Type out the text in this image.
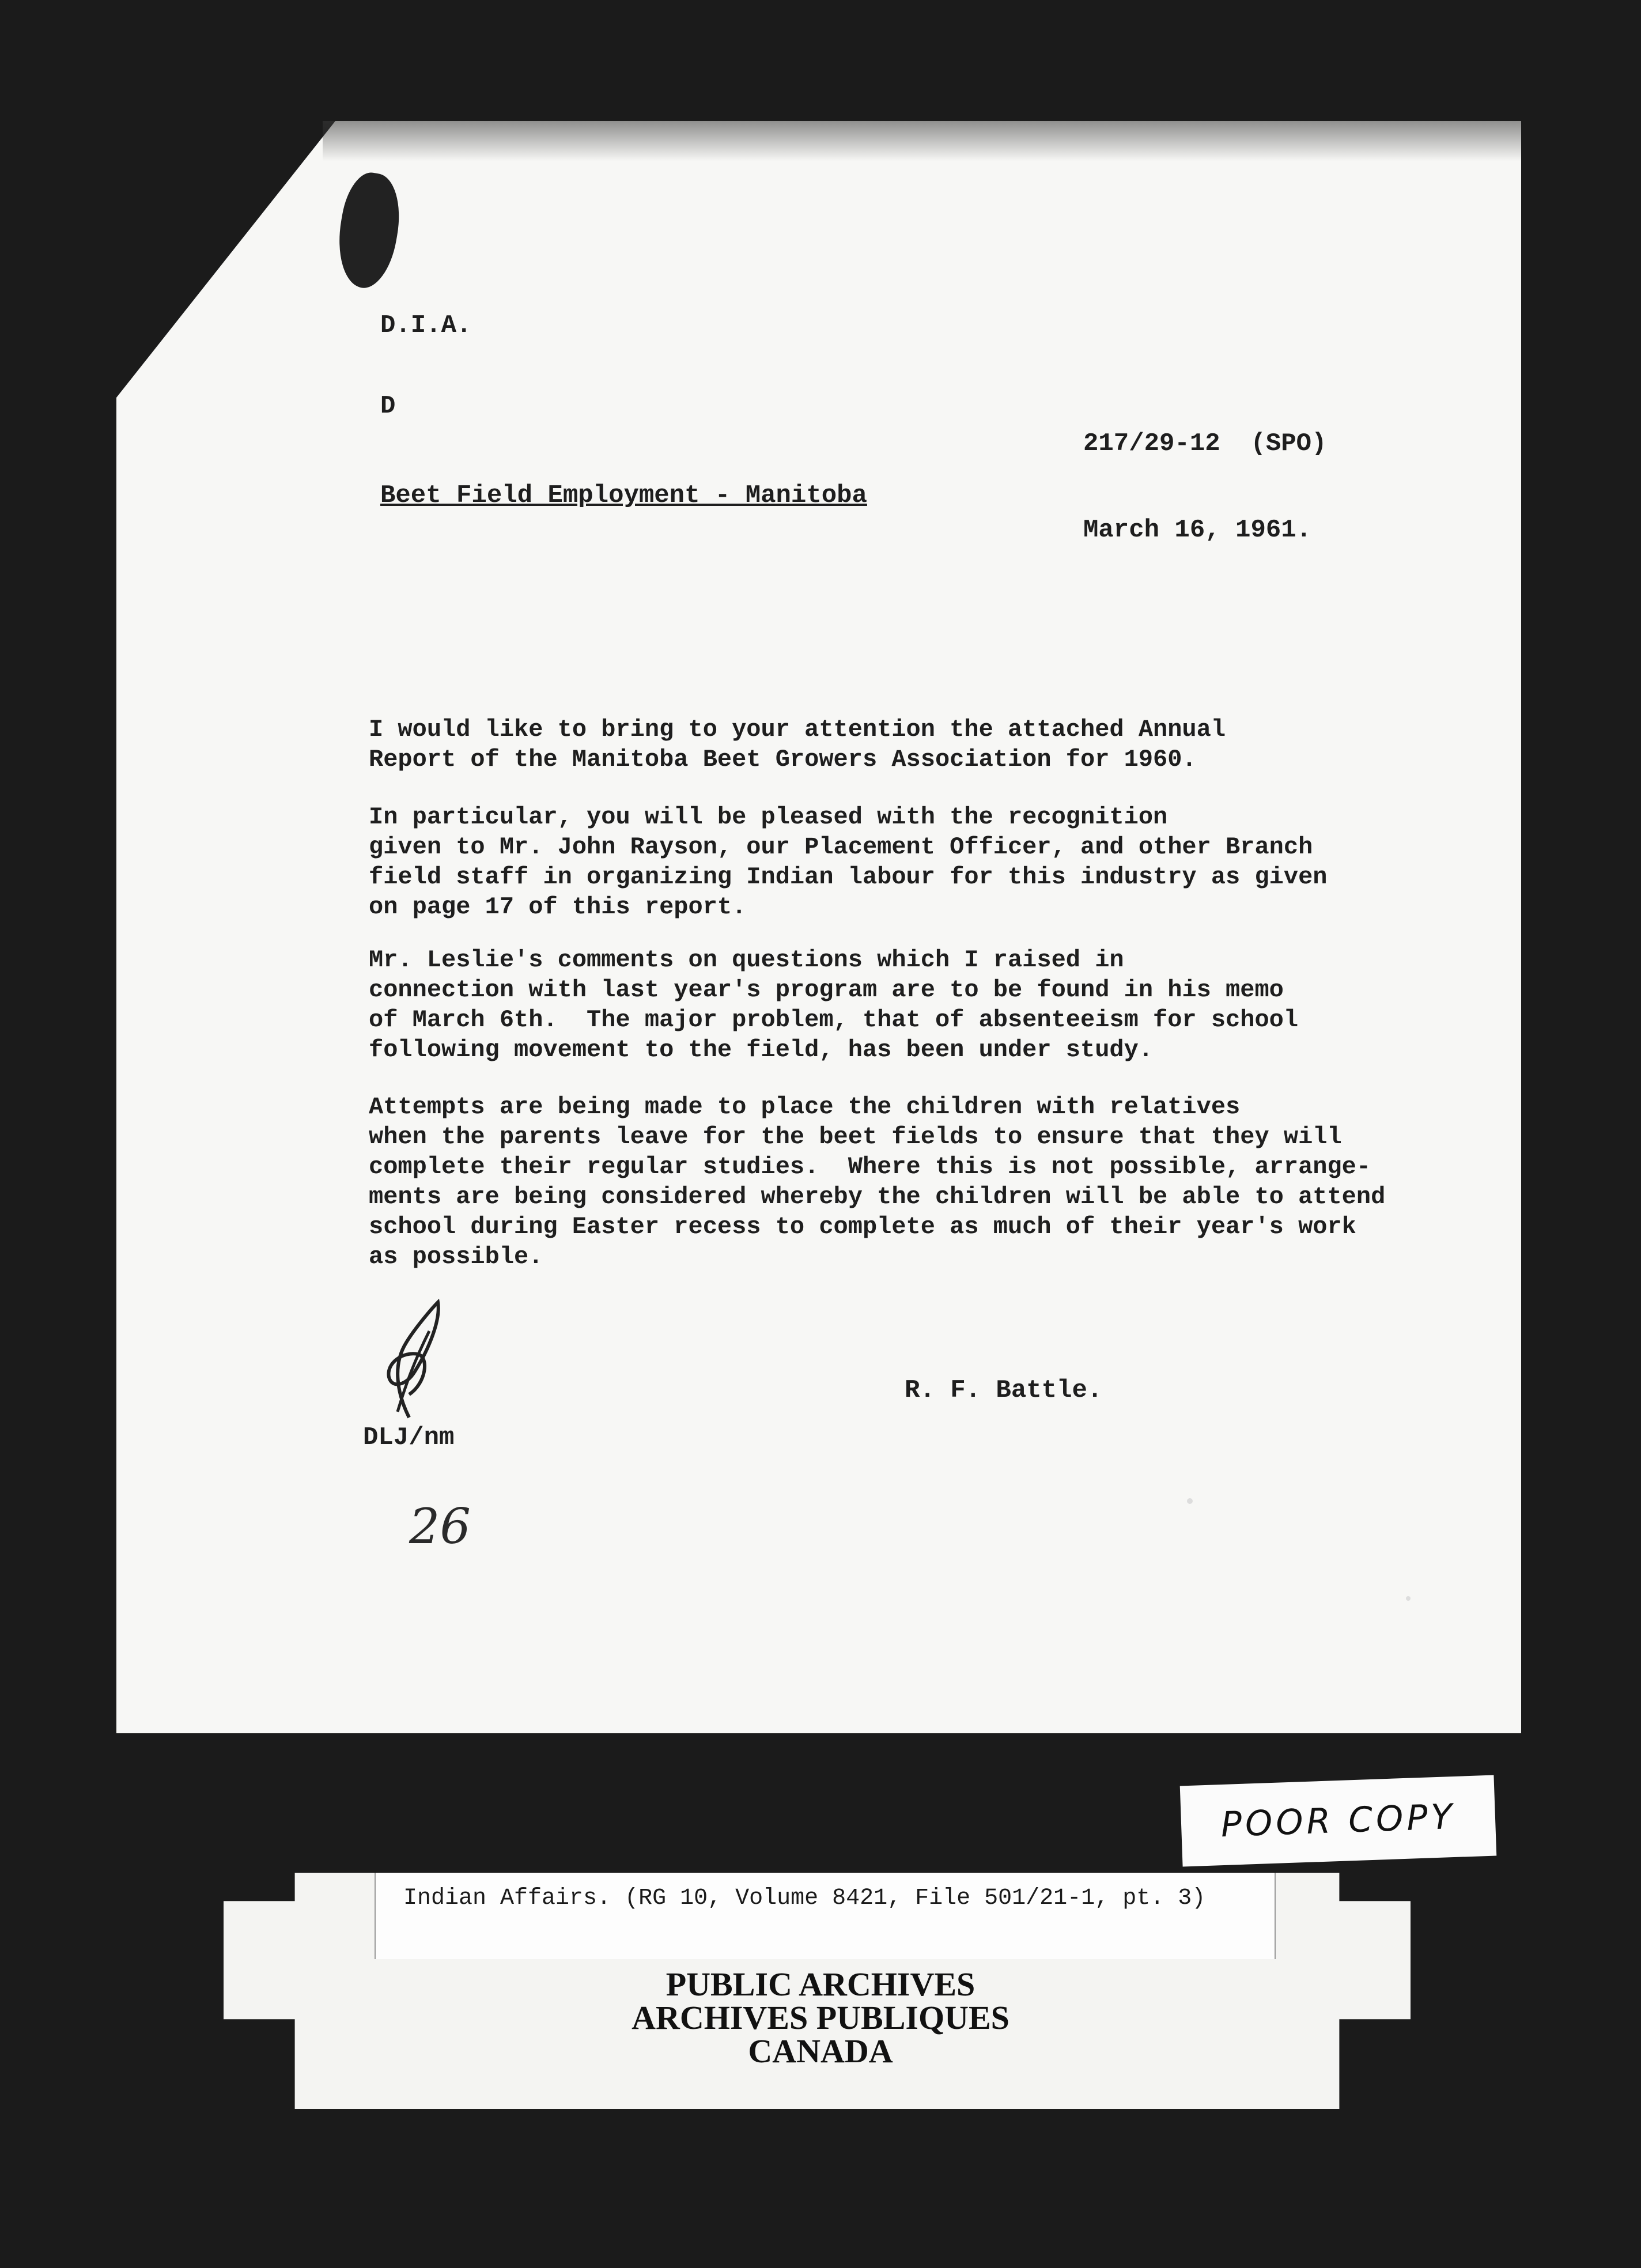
D.I.A.
D
217/29-12  (SPO)
Beet Field Employment - Manitoba
March 16, 1961.
I would like to bring to your attention the attached Annual
Report of the Manitoba Beet Growers Association for 1960.
In particular, you will be pleased with the recognition
given to Mr. John Rayson, our Placement Officer, and other Branch
field staff in organizing Indian labour for this industry as given
on page 17 of this report.
Mr. Leslie's comments on questions which I raised in
connection with last year's program are to be found in his memo
of March 6th.  The major problem, that of absenteeism for school
following movement to the field, has been under study.
Attempts are being made to place the children with relatives
when the parents leave for the beet fields to ensure that they will
complete their regular studies.  Where this is not possible, arrange-
ments are being considered whereby the children will be able to attend
school during Easter recess to complete as much of their year's work
as possible.
R. F. Battle.
DLJ/nm
26
POOR COPY
Indian Affairs. (RG 10, Volume 8421, File 501/21-1, pt. 3)
PUBLIC ARCHIVES
ARCHIVES PUBLIQUES
CANADA
